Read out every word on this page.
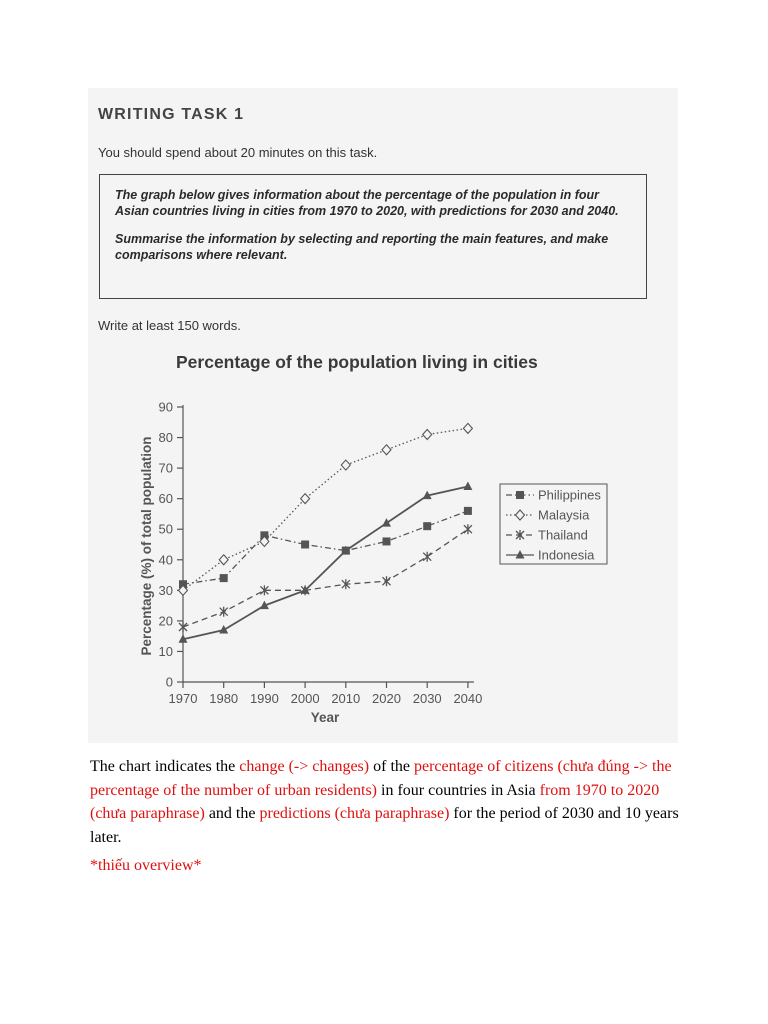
WRITING TASK 1
You should spend about 20 minutes on this task.

The graph below gives information about the percentage of the population in four Asian countries living in cities from 1970 to 2020, with predictions for 2030 and 2040.

Summarise the information by selecting and reporting the main features, and make comparisons where relevant.

Write at least 150 words.
Percentage of the population living in cities
0
10
20
30
40
50
60
70
80
90
1970 1980 1990 2000 2010 2020 2030 2040
Year
Percentage (%) of total population	Philippines
Malaysia
Thailand
Indonesia

The chart indicates the change (-> changes) of the percentage of citizens (chưa đúng -> the percentage of the number of urban residents) in four countries in Asia from 1970 to 2020 (chưa paraphrase) and the predictions (chưa paraphrase) for the period of 2030 and 10 years later.

*thiếu overview*
